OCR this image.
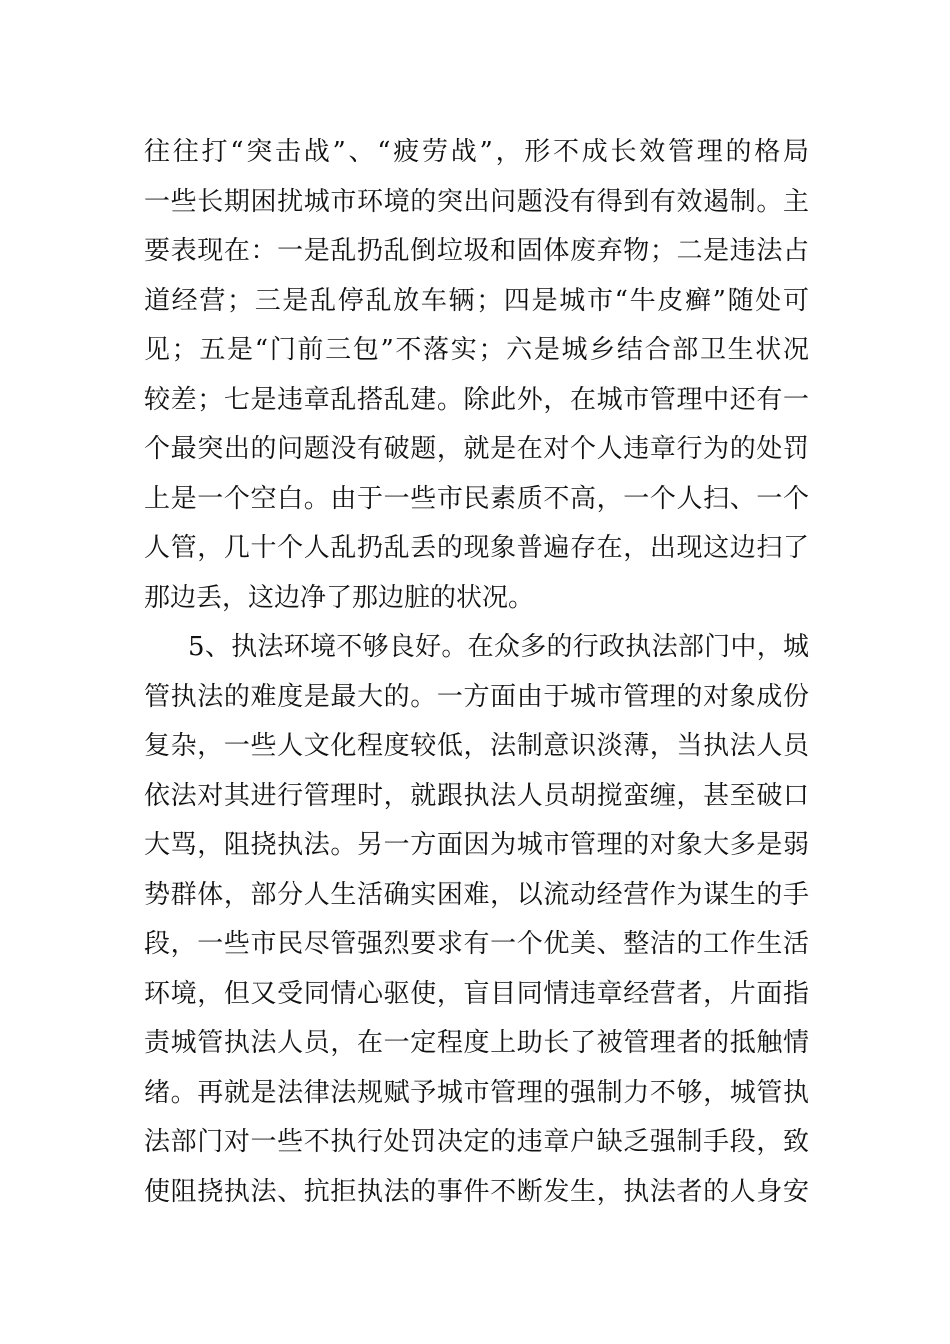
往往打“突击战”、“疲劳战”，形不成长效管理的格局
一些长期困扰城市环境的突出问题没有得到有效遏制。主
要表现在：一是乱扔乱倒垃圾和固体废弃物；二是违法占
道经营；三是乱停乱放车辆；四是城市“牛皮癣”随处可
见；五是“门前三包”不落实；六是城乡结合部卫生状况
较差；七是违章乱搭乱建。除此外，在城市管理中还有一
个最突出的问题没有破题，就是在对个人违章行为的处罚
上是一个空白。由于一些市民素质不高，一个人扫、一个
人管，几十个人乱扔乱丢的现象普遍存在，出现这边扫了
那边丢，这边净了那边脏的状况。
5、执法环境不够良好。在众多的行政执法部门中，城
管执法的难度是最大的。一方面由于城市管理的对象成份
复杂，一些人文化程度较低，法制意识淡薄，当执法人员
依法对其进行管理时，就跟执法人员胡搅蛮缠，甚至破口
大骂，阻挠执法。另一方面因为城市管理的对象大多是弱
势群体，部分人生活确实困难，以流动经营作为谋生的手
段，一些市民尽管强烈要求有一个优美、整洁的工作生活
环境，但又受同情心驱使，盲目同情违章经营者，片面指
责城管执法人员，在一定程度上助长了被管理者的抵触情
绪。再就是法律法规赋予城市管理的强制力不够，城管执
法部门对一些不执行处罚决定的违章户缺乏强制手段，致
使阻挠执法、抗拒执法的事件不断发生，执法者的人身安
